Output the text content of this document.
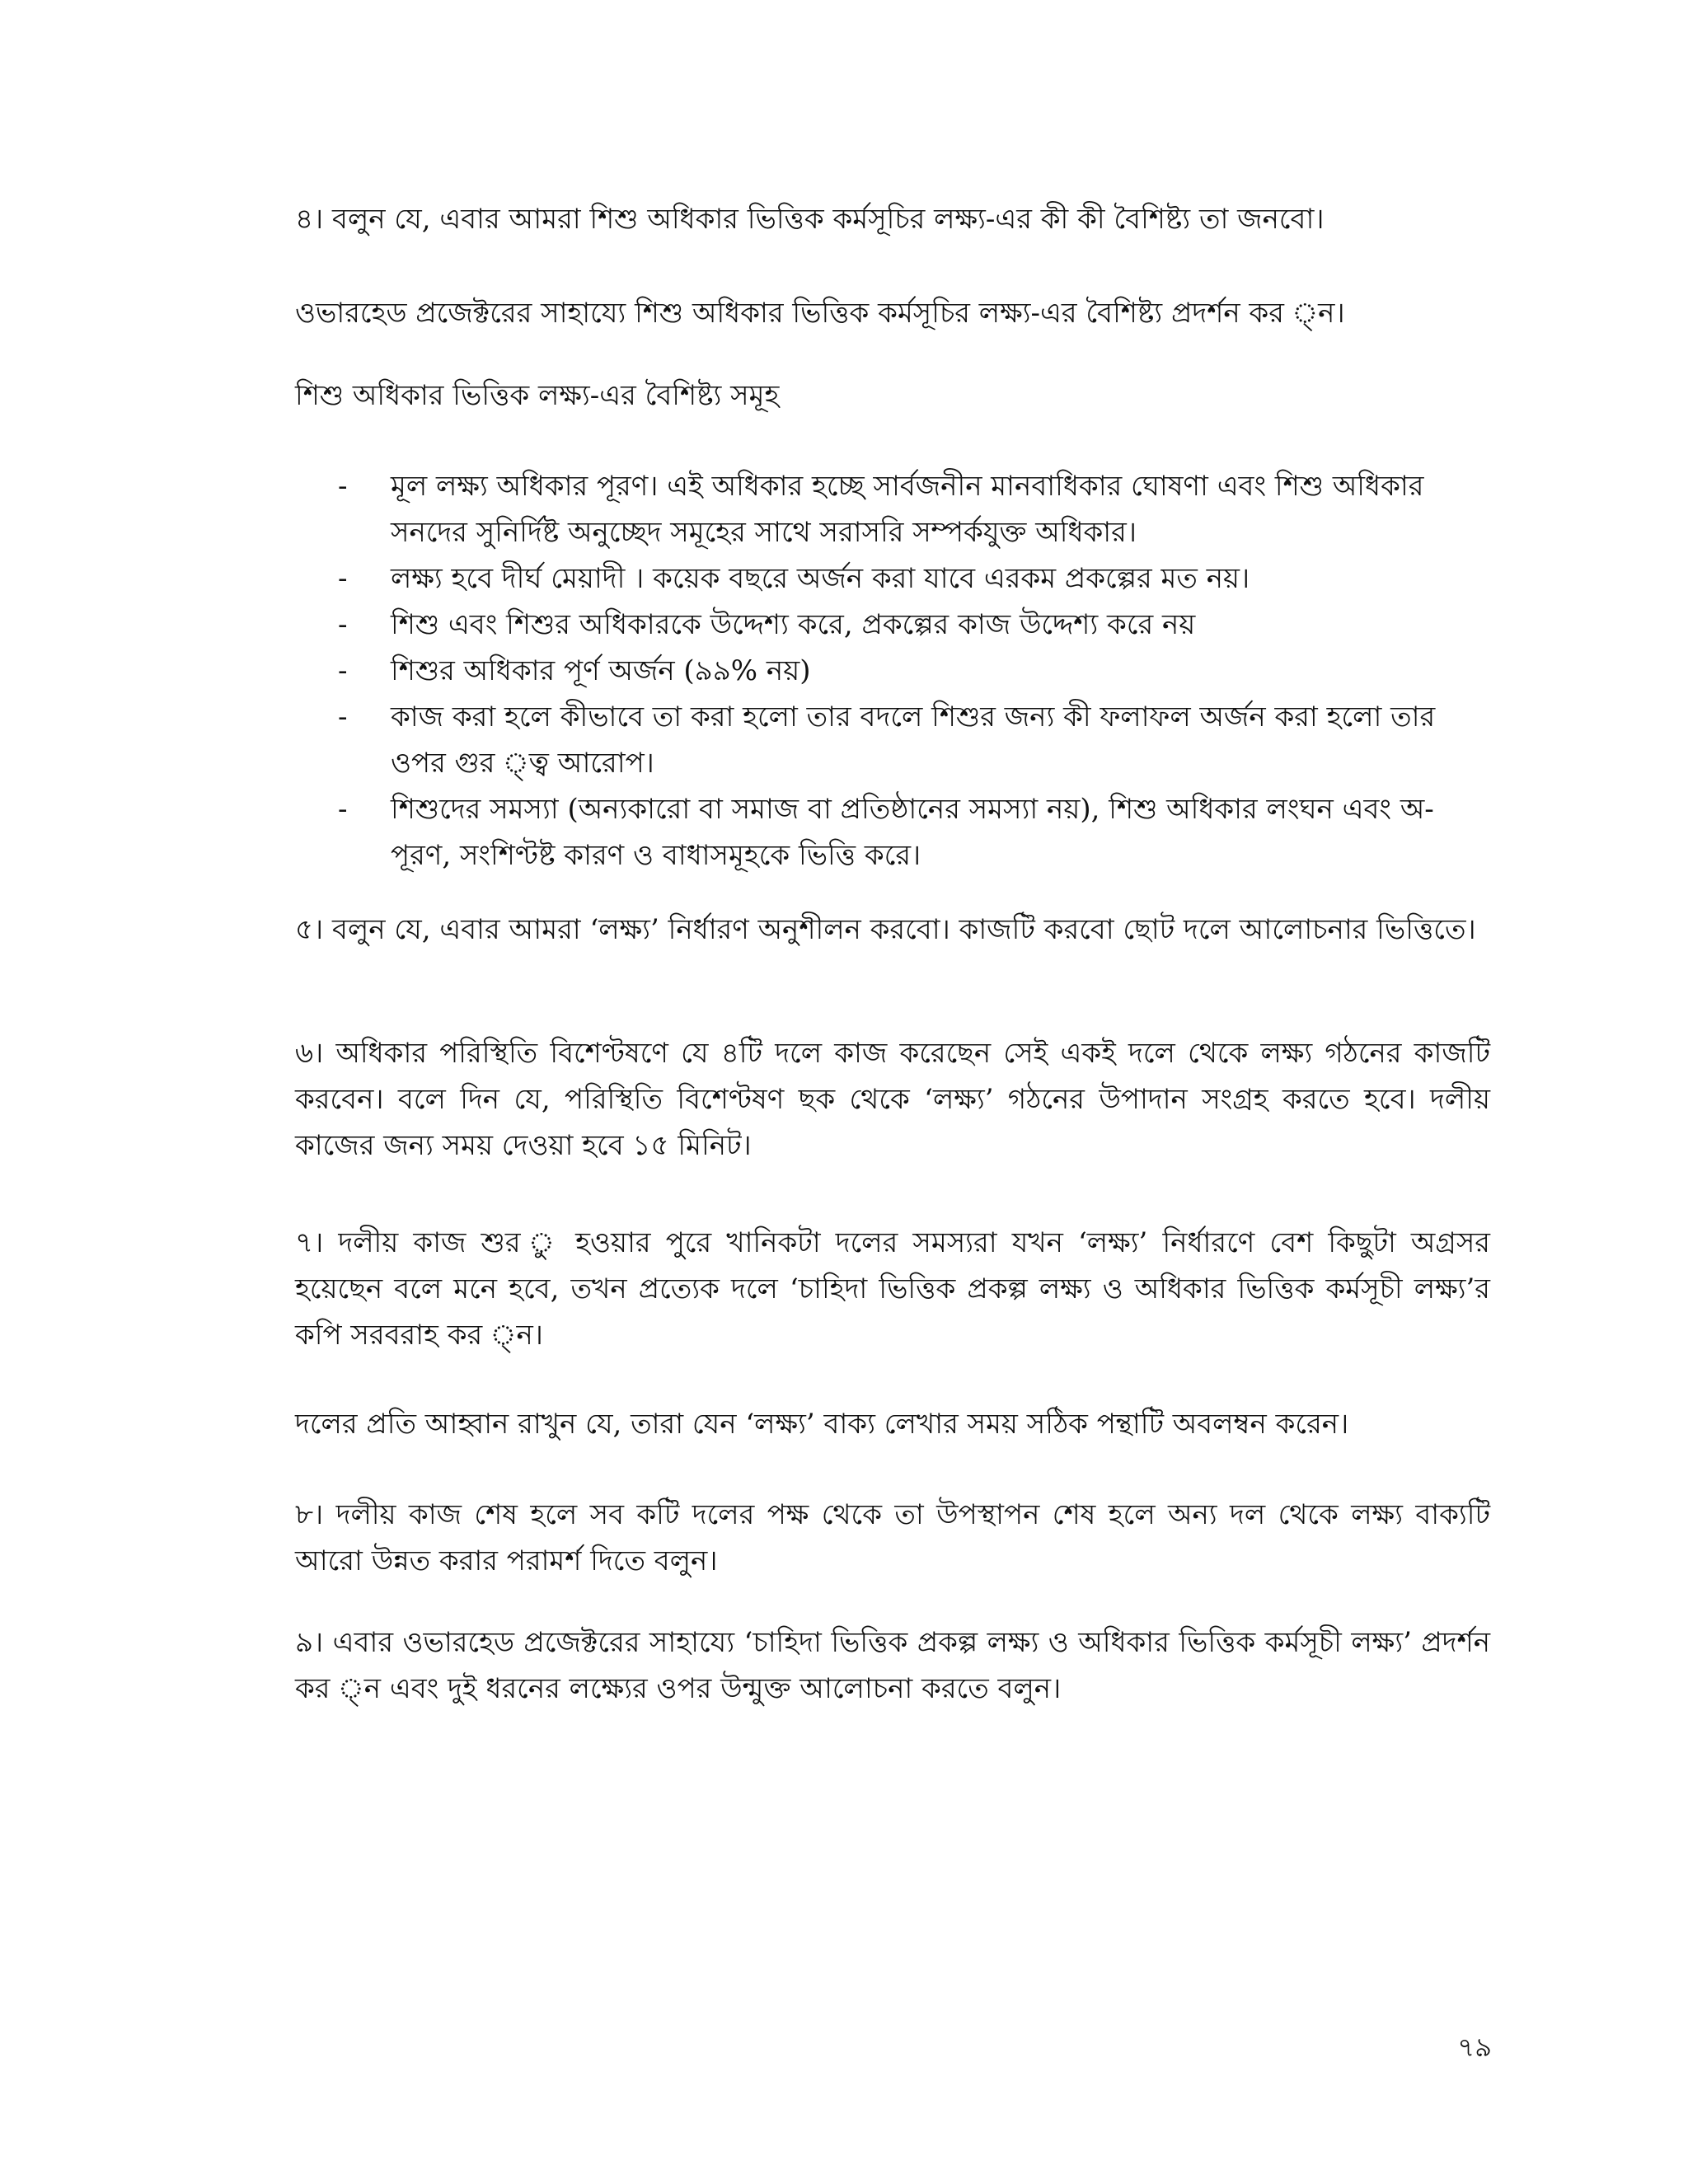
৪। বলুন যে, এবার আমরা শিশু অধিকার ভিত্তিক কর্মসূচির লক্ষ্য-এর কী কী বৈশিষ্ট্য তা জনবো।

ওভারহেড প্রজেক্টরের সাহায্যে শিশু অধিকার ভিত্তিক কর্মসূচির লক্ষ্য-এর বৈশিষ্ট্য প্রদর্শন কর ্ন।

শিশু অধিকার ভিত্তিক লক্ষ্য-এর বৈশিষ্ট্য সমূহ

-	মূল লক্ষ্য অধিকার পূরণ। এই অধিকার হচ্ছে সার্বজনীন মানবাধিকার ঘোষণা এবং শিশু অধিকার সনদের সুনির্দিষ্ট অনুচ্ছেদ সমূহের সাথে সরাসরি সম্পর্কযুক্ত অধিকার।
-	লক্ষ্য হবে দীর্ঘ মেয়াদী । কয়েক বছরে অর্জন করা যাবে এরকম প্রকল্পের মত নয়।
-	শিশু এবং শিশুর অধিকারকে উদ্দেশ্য করে, প্রকল্পের কাজ উদ্দেশ্য করে নয়
-	শিশুর অধিকার পূর্ণ অর্জন (৯৯% নয়)
-	কাজ করা হলে কীভাবে তা করা হলো তার বদলে শিশুর জন্য কী ফলাফল অর্জন করা হলো তার ওপর গুর ্ত্ব আরোপ।
-	শিশুদের সমস্যা (অন্যকারো বা সমাজ বা প্রতিষ্ঠানের সমস্যা নয়), শিশু অধিকার লংঘন এবং অ-পূরণ, সংশিণ্টষ্ট কারণ ও বাধাসমূহকে ভিত্তি করে।

৫। বলুন যে, এবার আমরা ‘লক্ষ্য’ নির্ধারণ অনুশীলন করবো। কাজটি করবো ছোট দলে আলোচনার ভিত্তিতে।

৬। অধিকার পরিস্থিতি বিশেণ্টষণে যে ৪টি দলে কাজ করেছেন সেই একই দলে থেকে লক্ষ্য গঠনের কাজটি করবেন। বলে দিন যে, পরিস্থিতি বিশেণ্টষণ ছক থেকে ‘লক্ষ্য’ গঠনের উপাদান সংগ্রহ করতে হবে। দলীয় কাজের জন্য সময় দেওয়া হবে ১৫ মিনিট।

৭। দলীয় কাজ শুর ু হওয়ার পুরে খানিকটা দলের সমস্যরা যখন ‘লক্ষ্য’ নির্ধারণে বেশ কিছুটা অগ্রসর হয়েছেন বলে মনে হবে, তখন প্রত্যেক দলে ‘চাহিদা ভিত্তিক প্রকল্প লক্ষ্য ও অধিকার ভিত্তিক কর্মসূচী লক্ষ্য’র কপি সরবরাহ কর ্ন।

দলের প্রতি আহ্বান রাখুন যে, তারা যেন ‘লক্ষ্য’ বাক্য লেখার সময় সঠিক পন্থাটি অবলম্বন করেন।

৮। দলীয় কাজ শেষ হলে সব কটি দলের পক্ষ থেকে তা উপস্থাপন শেষ হলে অন্য দল থেকে লক্ষ্য বাক্যটি আরো উন্নত করার পরামর্শ দিতে বলুন।

৯। এবার ওভারহেড প্রজেক্টরের সাহায্যে ‘চাহিদা ভিত্তিক প্রকল্প লক্ষ্য ও অধিকার ভিত্তিক কর্মসূচী লক্ষ্য’ প্রদর্শন কর ্ন এবং দুই ধরনের লক্ষ্যের ওপর উন্মুক্ত আলোচনা করতে বলুন।

৭৯
